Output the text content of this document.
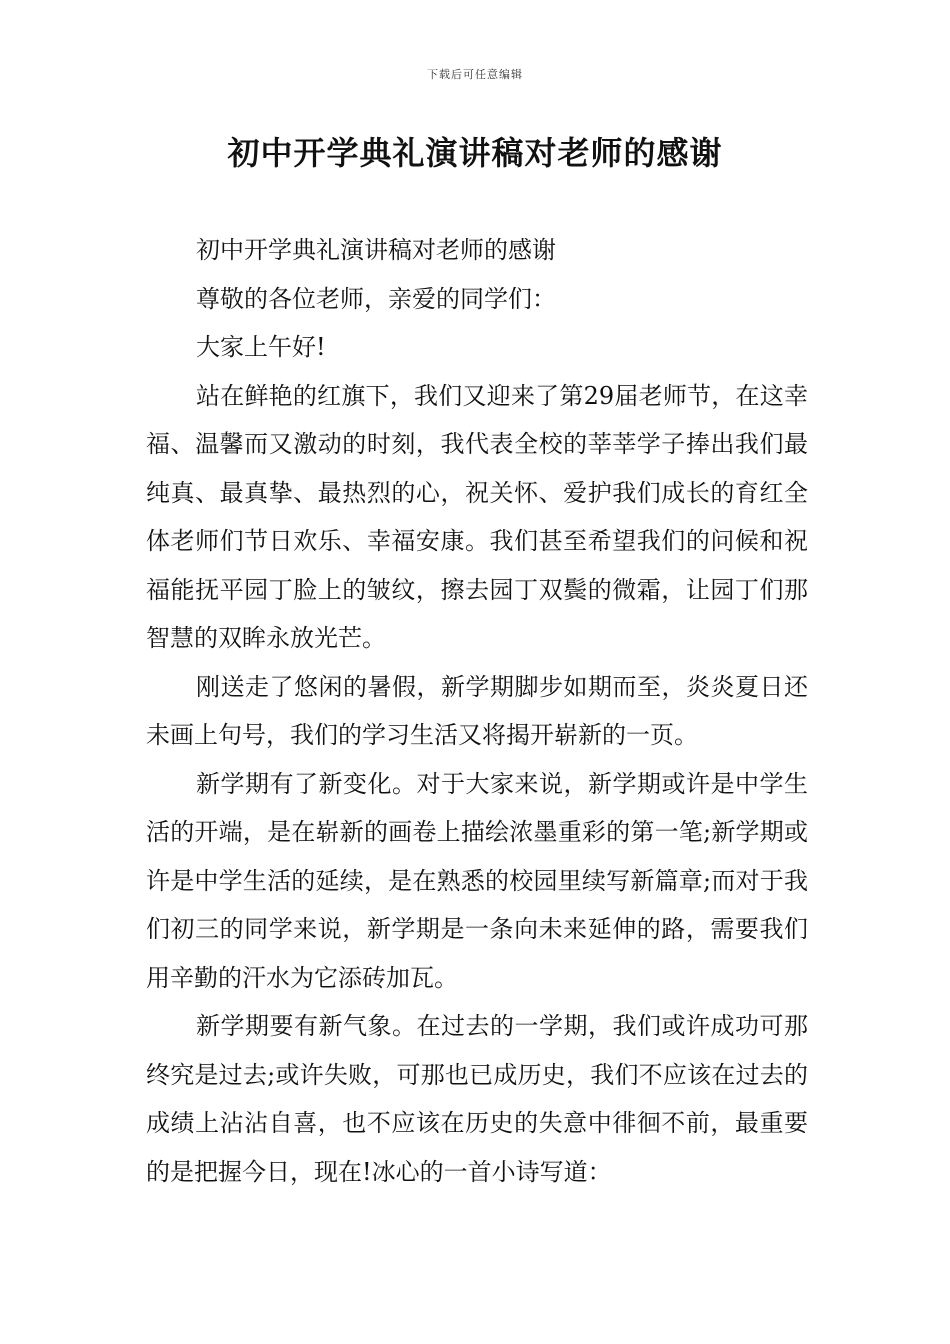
下载后可任意编辑
初中开学典礼演讲稿对老师的感谢

初中开学典礼演讲稿对老师的感谢

尊敬的各位老师，亲爱的同学们：

大家上午好!

站在鲜艳的红旗下，我们又迎来了第29届老师节，在这幸福、温馨而又激动的时刻，我代表全校的莘莘学子捧出我们最纯真、最真挚、最热烈的心，祝关怀、爱护我们成长的育红全体老师们节日欢乐、幸福安康。我们甚至希望我们的问候和祝福能抚平园丁脸上的皱纹，擦去园丁双鬓的微霜，让园丁们那智慧的双眸永放光芒。

刚送走了悠闲的暑假，新学期脚步如期而至，炎炎夏日还未画上句号，我们的学习生活又将揭开崭新的一页。

新学期有了新变化。对于大家来说，新学期或许是中学生活的开端，是在崭新的画卷上描绘浓墨重彩的第一笔;新学期或许是中学生活的延续，是在熟悉的校园里续写新篇章;而对于我们初三的同学来说，新学期是一条向未来延伸的路，需要我们用辛勤的汗水为它添砖加瓦。

新学期要有新气象。在过去的一学期，我们或许成功可那终究是过去;或许失败，可那也已成历史，我们不应该在过去的成绩上沾沾自喜，也不应该在历史的失意中徘徊不前，最重要的是把握今日，现在!冰心的一首小诗写道：
